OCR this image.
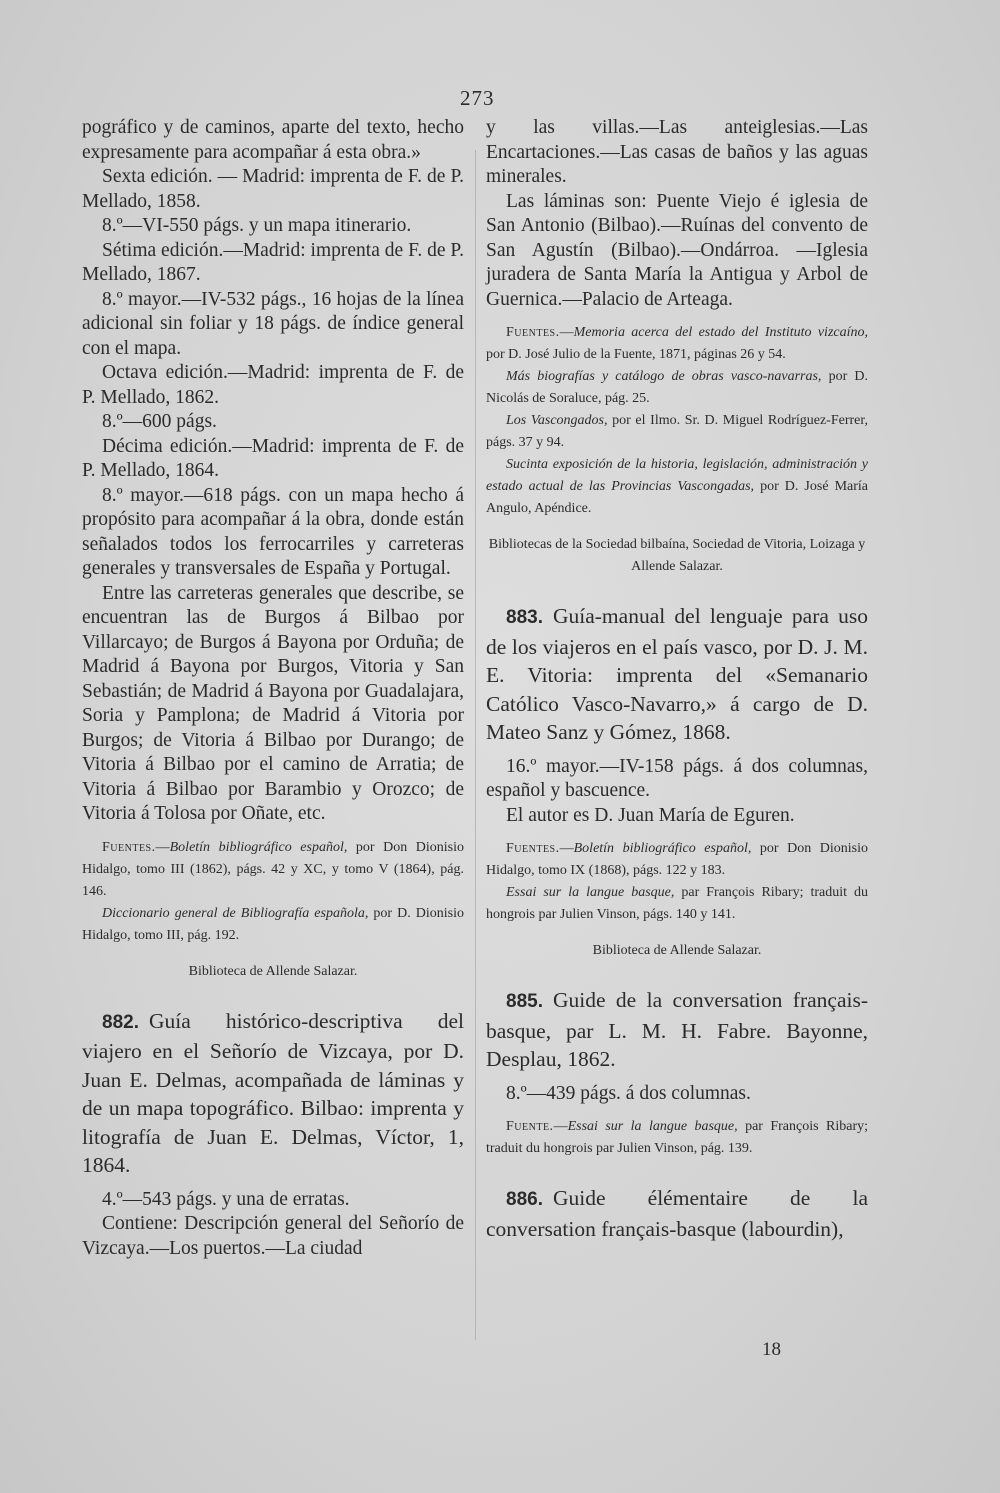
273

pográfico y de caminos, aparte del texto, hecho expresamente para acompañar á esta obra.»

Sexta edición. — Madrid: imprenta de F. de P. Mellado, 1858.

8.º—VI-550 págs. y un mapa itinerario.

Sétima edición.—Madrid: imprenta de F. de P. Mellado, 1867.

8.º mayor.—IV-532 págs., 16 hojas de la línea adicional sin foliar y 18 págs. de índice general con el mapa.

Octava edición.—Madrid: imprenta de F. de P. Mellado, 1862.

8.º—600 págs.

Décima edición.—Madrid: imprenta de F. de P. Mellado, 1864.

8.º mayor.—618 págs. con un mapa hecho á propósito para acompañar á la obra, donde están señalados todos los ferrocarriles y carreteras generales y transversales de España y Portugal.

Entre las carreteras generales que describe, se encuentran las de Burgos á Bilbao por Villarcayo; de Burgos á Bayona por Orduña; de Madrid á Bayona por Burgos, Vitoria y San Sebastián; de Madrid á Bayona por Guadalajara, Soria y Pamplona; de Madrid á Vitoria por Burgos; de Vitoria á Bilbao por Durango; de Vitoria á Bilbao por el camino de Arratia; de Vitoria á Bilbao por Barambio y Orozco; de Vitoria á Tolosa por Oñate, etc.

Fuentes.—Boletín bibliográfico español, por Don Dionisio Hidalgo, tomo III (1862), págs. 42 y XC, y tomo V (1864), pág. 146.

Diccionario general de Bibliografía española, por D. Dionisio Hidalgo, tomo III, pág. 192.

Biblioteca de Allende Salazar.

882. Guía histórico-descriptiva del viajero en el Señorío de Vizcaya, por D. Juan E. Delmas, acompañada de láminas y de un mapa topográfico. Bilbao: imprenta y litografía de Juan E. Delmas, Víctor, 1, 1864.

4.º—543 págs. y una de erratas.

Contiene: Descripción general del Señorío de Vizcaya.—Los puertos.—La ciudad

y las villas.—Las anteiglesias.—Las Encartaciones.—Las casas de baños y las aguas minerales.

Las láminas son: Puente Viejo é iglesia de San Antonio (Bilbao).—Ruínas del convento de San Agustín (Bilbao).—Ondárroa. —Iglesia juradera de Santa María la Antigua y Arbol de Guernica.—Palacio de Arteaga.

Fuentes.—Memoria acerca del estado del Instituto vizcaíno, por D. José Julio de la Fuente, 1871, páginas 26 y 54.

Más biografías y catálogo de obras vasco-navarras, por D. Nicolás de Soraluce, pág. 25.

Los Vascongados, por el Ilmo. Sr. D. Miguel Rodríguez-Ferrer, págs. 37 y 94.

Sucinta exposición de la historia, legislación, administración y estado actual de las Provincias Vascongadas, por D. José María Angulo, Apéndice.

Bibliotecas de la Sociedad bilbaína, Sociedad de Vitoria, Loizaga y Allende Salazar.

883. Guía-manual del lenguaje para uso de los viajeros en el país vasco, por D. J. M. E. Vitoria: imprenta del «Semanario Católico Vasco-Navarro,» á cargo de D. Mateo Sanz y Gómez, 1868.

16.º mayor.—IV-158 págs. á dos columnas, español y bascuence.

El autor es D. Juan María de Eguren.

Fuentes.—Boletín bibliográfico español, por Don Dionisio Hidalgo, tomo IX (1868), págs. 122 y 183.

Essai sur la langue basque, par François Ribary; traduit du hongrois par Julien Vinson, págs. 140 y 141.

Biblioteca de Allende Salazar.

885. Guide de la conversation français-basque, par L. M. H. Fabre. Bayonne, Desplau, 1862.

8.º—439 págs. á dos columnas.

Fuente.—Essai sur la langue basque, par François Ribary; traduit du hongrois par Julien Vinson, pág. 139.

886. Guide élémentaire de la conversation français-basque (labourdin),

18
